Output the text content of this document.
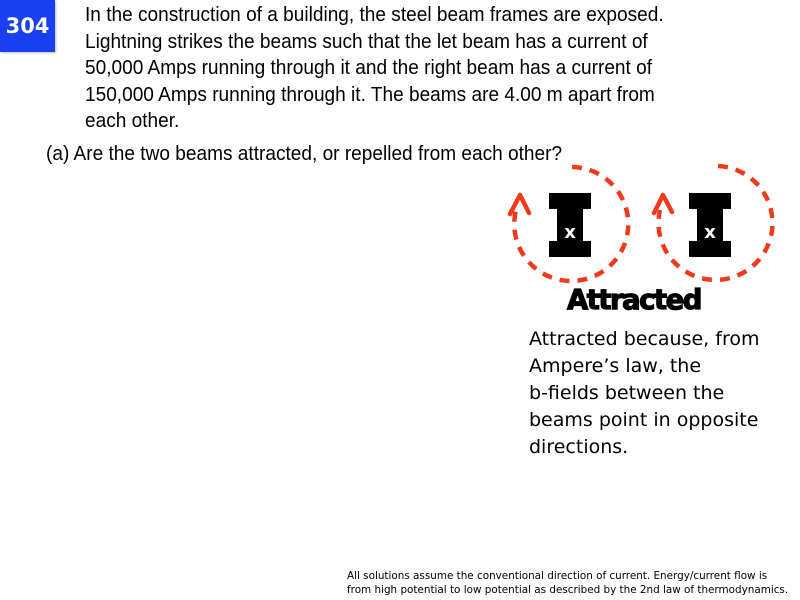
304 In the construction of a building, the steel beam frames are exposed.
Lightning strikes the beams such that the let beam has a current of
50,000 Amps running through it and the right beam has a current of
150,000 Amps running through it. The beams are 4.00 m apart from
each other.
(a) Are the two beams attracted, or repelled from each other?
x	x
Attracted
Attracted because, from
Ampere’s law, the
b-fields between the
beams point in opposite
directions.
All solutions assume the conventional direction of current. Energy/current flow is
from high potential to low potential as described by the 2nd law of thermodynamics.
